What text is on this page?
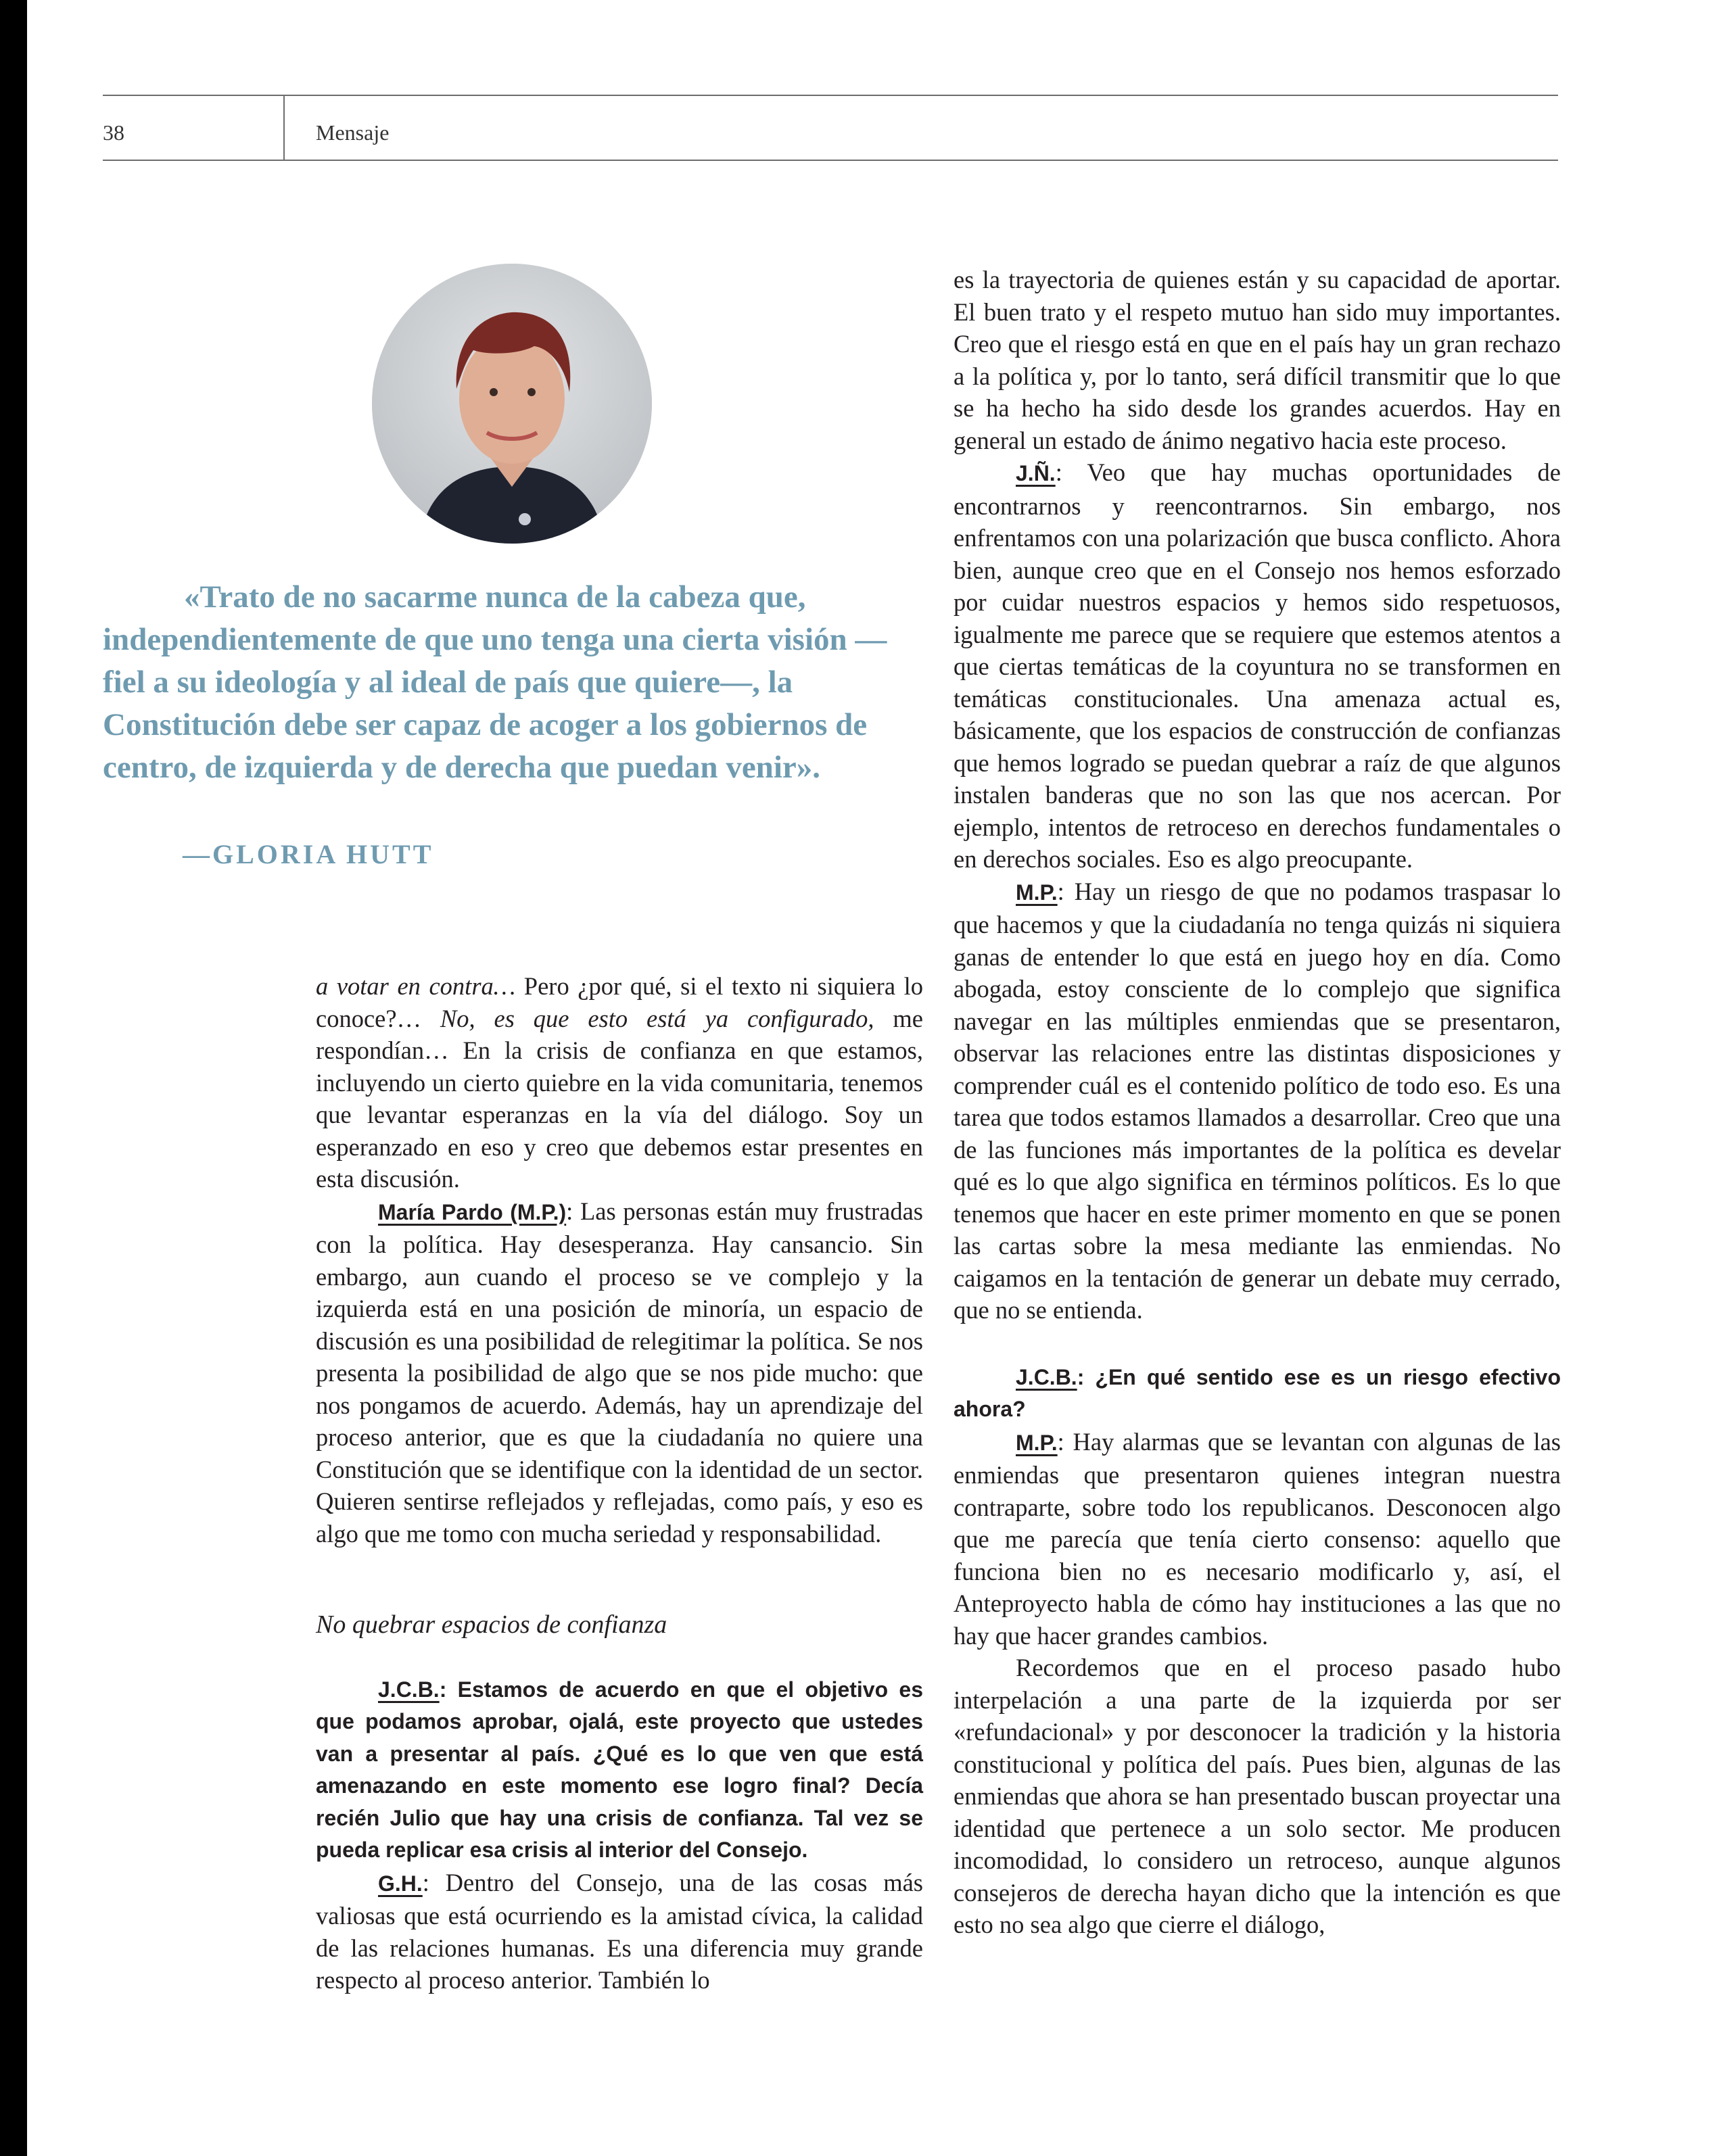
38	Mensaje

«Trato de no sacarme nunca de la cabeza que, independientemente de que uno tenga una cierta visión —fiel a su ideología y al ideal de país que quiere—, la Constitución debe ser capaz de acoger a los gobiernos de centro, de izquierda y de derecha que puedan venir».

—GLORIA HUTT

a votar en contra… Pero ¿por qué, si el texto ni siquiera lo conoce?… No, es que esto está ya configurado, me respondían… En la crisis de confianza en que estamos, incluyendo un cierto quiebre en la vida comunitaria, tenemos que levantar esperanzas en la vía del diálogo. Soy un esperanzado en eso y creo que debemos estar presentes en esta discusión.

María Pardo (M.P.): Las personas están muy frustradas con la política. Hay desesperanza. Hay cansancio. Sin embargo, aun cuando el proceso se ve complejo y la izquierda está en una posición de minoría, un espacio de discusión es una posibilidad de relegitimar la política. Se nos presenta la posibilidad de algo que se nos pide mucho: que nos pongamos de acuerdo. Además, hay un aprendizaje del proceso anterior, que es que la ciudadanía no quiere una Constitución que se identifique con la identidad de un sector. Quieren sentirse reflejados y reflejadas, como país, y eso es algo que me tomo con mucha seriedad y responsabilidad.

No quebrar espacios de confianza

J.C.B.: Estamos de acuerdo en que el objetivo es que podamos aprobar, ojalá, este proyecto que ustedes van a presentar al país. ¿Qué es lo que ven que está amenazando en este momento ese logro final? Decía recién Julio que hay una crisis de confianza. Tal vez se pueda replicar esa crisis al interior del Consejo.

G.H.: Dentro del Consejo, una de las cosas más valiosas que está ocurriendo es la amistad cívica, la calidad de las relaciones humanas. Es una diferencia muy grande respecto al proceso anterior. También lo

es la trayectoria de quienes están y su capacidad de aportar. El buen trato y el respeto mutuo han sido muy importantes. Creo que el riesgo está en que en el país hay un gran rechazo a la política y, por lo tanto, será difícil transmitir que lo que se ha hecho ha sido desde los grandes acuerdos. Hay en general un estado de ánimo negativo hacia este proceso.

J.Ñ.: Veo que hay muchas oportunidades de encontrarnos y reencontrarnos. Sin embargo, nos enfrentamos con una polarización que busca conflicto. Ahora bien, aunque creo que en el Consejo nos hemos esforzado por cuidar nuestros espacios y hemos sido respetuosos, igualmente me parece que se requiere que estemos atentos a que ciertas temáticas de la coyuntura no se transformen en temáticas constitucionales. Una amenaza actual es, básicamente, que los espacios de construcción de confianzas que hemos logrado se puedan quebrar a raíz de que algunos instalen banderas que no son las que nos acercan. Por ejemplo, intentos de retroceso en derechos fundamentales o en derechos sociales. Eso es algo preocupante.

M.P.: Hay un riesgo de que no podamos traspasar lo que hacemos y que la ciudadanía no tenga quizás ni siquiera ganas de entender lo que está en juego hoy en día. Como abogada, estoy consciente de lo complejo que significa navegar en las múltiples enmiendas que se presentaron, observar las relaciones entre las distintas disposiciones y comprender cuál es el contenido político de todo eso. Es una tarea que todos estamos llamados a desarrollar. Creo que una de las funciones más importantes de la política es develar qué es lo que algo significa en términos políticos. Es lo que tenemos que hacer en este primer momento en que se ponen las cartas sobre la mesa mediante las enmiendas. No caigamos en la tentación de generar un debate muy cerrado, que no se entienda.

J.C.B.: ¿En qué sentido ese es un riesgo efectivo ahora?

M.P.: Hay alarmas que se levantan con algunas de las enmiendas que presentaron quienes integran nuestra contraparte, sobre todo los republicanos. Desconocen algo que me parecía que tenía cierto consenso: aquello que funciona bien no es necesario modificarlo y, así, el Anteproyecto habla de cómo hay instituciones a las que no hay que hacer grandes cambios.

Recordemos que en el proceso pasado hubo interpelación a una parte de la izquierda por ser «refundacional» y por desconocer la tradición y la historia constitucional y política del país. Pues bien, algunas de las enmiendas que ahora se han presentado buscan proyectar una identidad que pertenece a un solo sector. Me producen incomodidad, lo considero un retroceso, aunque algunos consejeros de derecha hayan dicho que la intención es que esto no sea algo que cierre el diálogo,
